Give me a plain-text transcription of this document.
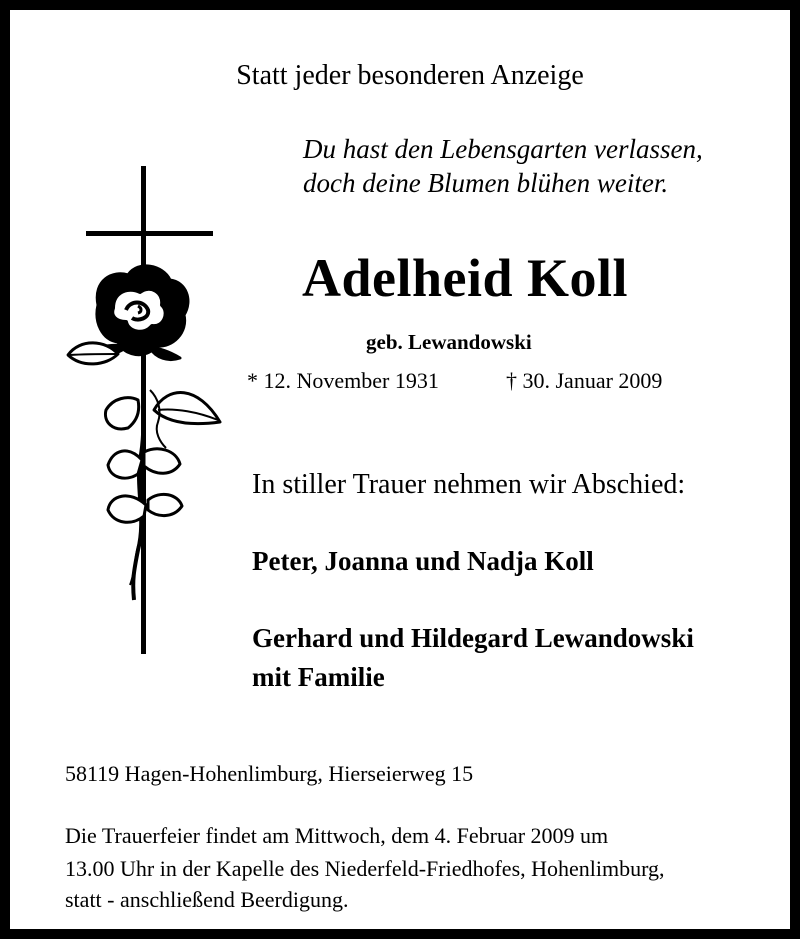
Statt jeder besonderen Anzeige
Du hast den Lebensgarten verlassen,
doch deine Blumen blühen weiter.
Adelheid Koll
geb. Lewandowski
* 12. November 1931	† 30. Januar 2009
In stiller Trauer nehmen wir Abschied:
Peter, Joanna und Nadja Koll
Gerhard und Hildegard Lewandowski
mit Familie
58119 Hagen-Hohenlimburg, Hierseierweg 15
Die Trauerfeier findet am Mittwoch, dem 4. Februar 2009 um
13.00 Uhr in der Kapelle des Niederfeld-Friedhofes, Hohenlimburg,
statt - anschließend Beerdigung.
